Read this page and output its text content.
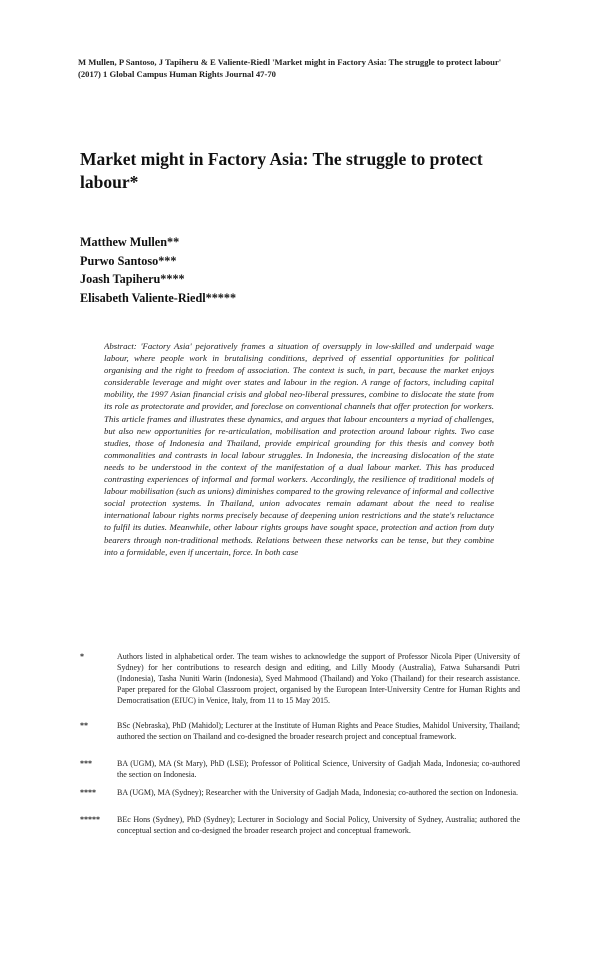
M Mullen, P Santoso, J Tapiheru & E Valiente-Riedl 'Market might in Factory Asia: The struggle to protect labour' (2017) 1 Global Campus Human Rights Journal 47-70
Market might in Factory Asia: The struggle to protect labour*
Matthew Mullen**
Purwo Santoso***
Joash Tapiheru****
Elisabeth Valiente-Riedl*****
Abstract: 'Factory Asia' pejoratively frames a situation of oversupply in low-skilled and underpaid wage labour, where people work in brutalising conditions, deprived of essential opportunities for political organising and the right to freedom of association. The context is such, in part, because the market enjoys considerable leverage and might over states and labour in the region. A range of factors, including capital mobility, the 1997 Asian financial crisis and global neo-liberal pressures, combine to dislocate the state from its role as protectorate and provider, and foreclose on conventional channels that offer protection for workers. This article frames and illustrates these dynamics, and argues that labour encounters a myriad of challenges, but also new opportunities for re-articulation, mobilisation and protection around labour rights. Two case studies, those of Indonesia and Thailand, provide empirical grounding for this thesis and convey both commonalities and contrasts in local labour struggles. In Indonesia, the increasing dislocation of the state needs to be understood in the context of the manifestation of a dual labour market. This has produced contrasting experiences of informal and formal workers. Accordingly, the resilience of traditional models of labour mobilisation (such as unions) diminishes compared to the growing relevance of informal and collective social protection systems. In Thailand, union advocates remain adamant about the need to realise international labour rights norms precisely because of deepening union restrictions and the state's reluctance to fulfil its duties. Meanwhile, other labour rights groups have sought space, protection and action from duty bearers through non-traditional methods. Relations between these networks can be tense, but they combine into a formidable, even if uncertain, force. In both case
*	Authors listed in alphabetical order. The team wishes to acknowledge the support of Professor Nicola Piper (University of Sydney) for her contributions to research design and editing, and Lilly Moody (Australia), Fatwa Suharsandi Putri (Indonesia), Tasha Nuniti Warin (Indonesia), Syed Mahmood (Thailand) and Yoko (Thailand) for their research assistance. Paper prepared for the Global Classroom project, organised by the European Inter-University Centre for Human Rights and Democratisation (EIUC) in Venice, Italy, from 11 to 15 May 2015.
**	BSc (Nebraska), PhD (Mahidol); Lecturer at the Institute of Human Rights and Peace Studies, Mahidol University, Thailand; authored the section on Thailand and co-designed the broader research project and conceptual framework.
***	BA (UGM), MA (St Mary), PhD (LSE); Professor of Political Science, University of Gadjah Mada, Indonesia; co-authored the section on Indonesia.
****	BA (UGM), MA (Sydney); Researcher with the University of Gadjah Mada, Indonesia; co-authored the section on Indonesia.
***** BEc Hons (Sydney), PhD (Sydney); Lecturer in Sociology and Social Policy, University of Sydney, Australia; authored the conceptual section and co-designed the broader research project and conceptual framework.
